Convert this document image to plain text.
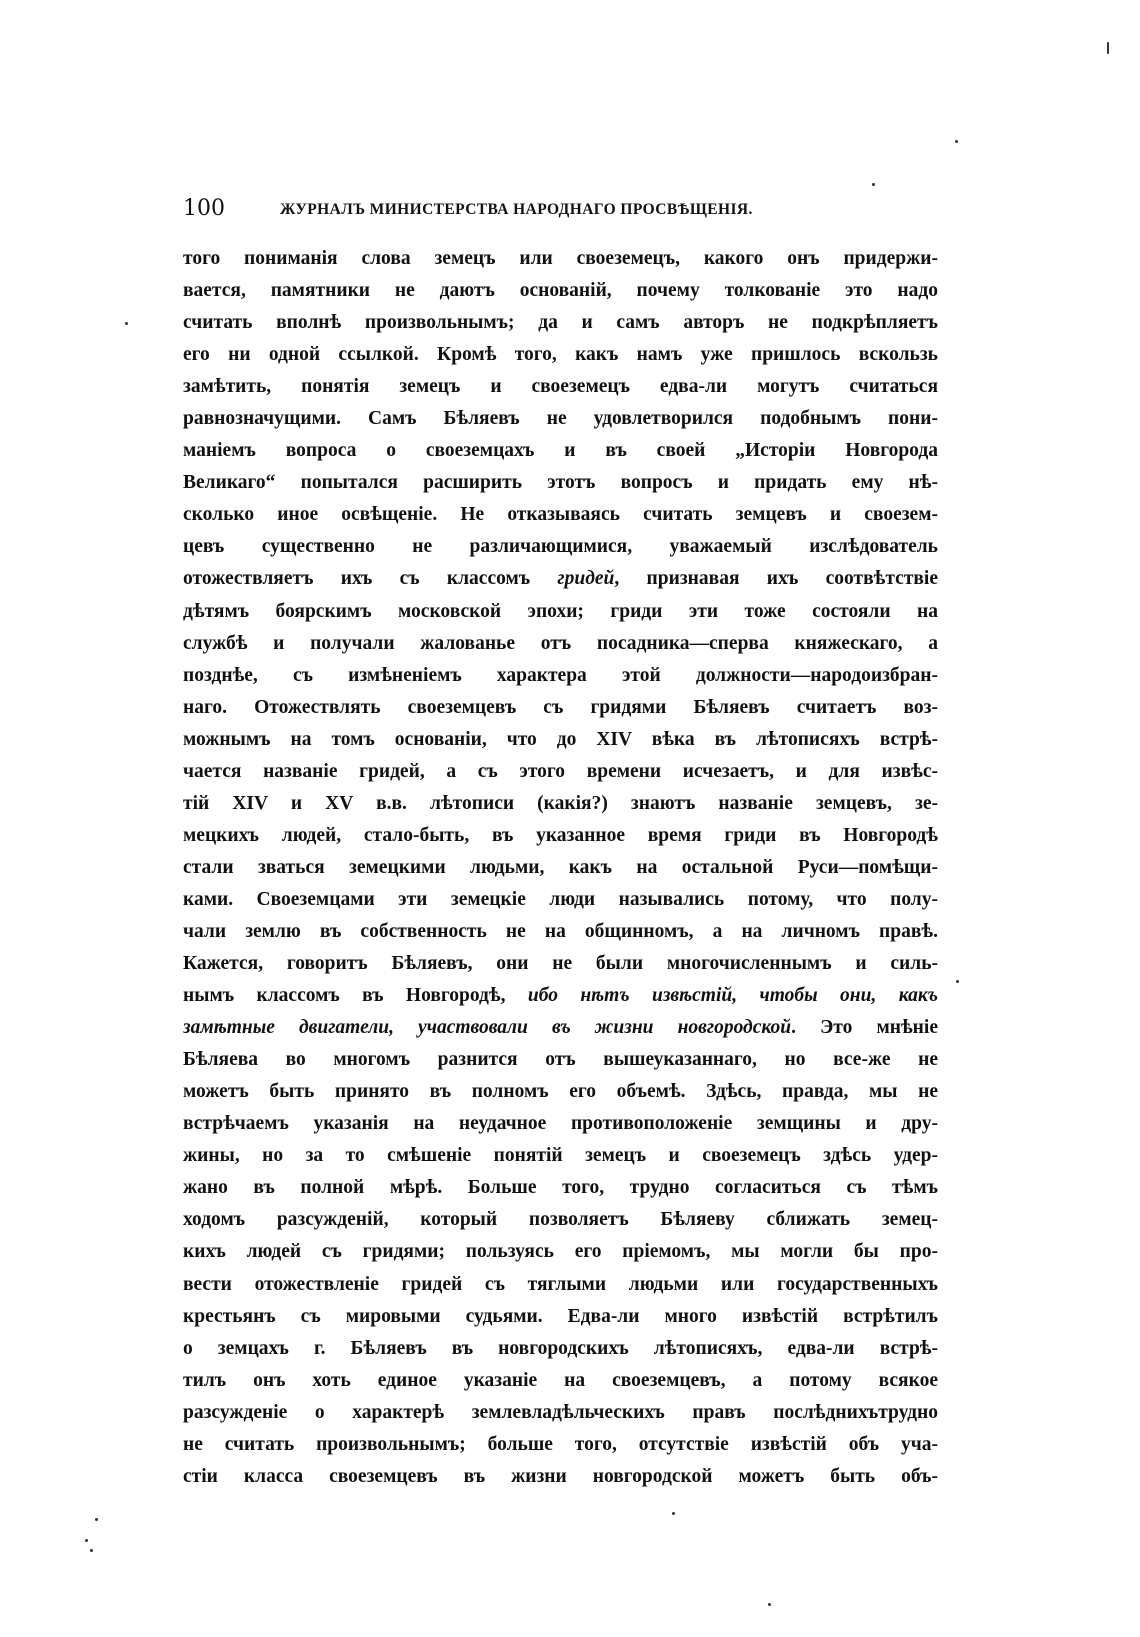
100	ЖУРНАЛЪ МИНИСТЕРСТВА НАРОДНАГО ПРОСВѢЩЕНІЯ.
того пониманія слова земецъ или своеземецъ, какого онъ придержи-
вается, памятники не даютъ основаній, почему толкованіе это надо
считать вполнѣ произвольнымъ; да и самъ авторъ не подкрѣпляетъ
его ни одной ссылкой. Кромѣ того, какъ намъ уже пришлось вскользь
замѣтить, понятія земецъ и своеземецъ едва-ли могутъ считаться
равнозначущими. Самъ Бѣляевъ не удовлетворился подобнымъ пони-
маніемъ вопроса о своеземцахъ и въ своей „Исторіи Новгорода
Великаго“ попытался расширить этотъ вопросъ и придать ему нѣ-
сколько иное освѣщеніе. Не отказываясь считать земцевъ и своезем-
цевъ существенно не различающимися, уважаемый изслѣдователь
отожествляетъ ихъ съ классомъ гридей, признавая ихъ соотвѣтствіе
дѣтямъ боярскимъ московской эпохи; гриди эти тоже состояли на
службѣ и получали жалованье отъ посадника—сперва княжескаго, а
позднѣе, съ измѣненіемъ характера этой должности—народоизбран-
наго. Отожествлять своеземцевъ съ гридями Бѣляевъ считаетъ воз-
можнымъ на томъ основаніи, что до XIV вѣка въ лѣтописяхъ встрѣ-
чается названіе гридей, а съ этого времени исчезаетъ, и для извѣс-
тій XIV и XV в.в. лѣтописи (какія?) знаютъ названіе земцевъ, зе-
мецкихъ людей, стало-быть, въ указанное время гриди въ Новгородѣ
стали зваться земецкими людьми, какъ на остальной Руси—помѣщи-
ками. Своеземцами эти земецкіе люди назывались потому, что полу-
чали землю въ собственность не на общинномъ, а на личномъ правѣ.
Кажется, говоритъ Бѣляевъ, они не были многочисленнымъ и силь-
нымъ классомъ въ Новгородѣ, ибо нѣтъ извѣстій, чтобы они, какъ
замѣтные двигатели, участвовали въ жизни новгородской. Это мнѣніе
Бѣляева во многомъ разнится отъ вышеуказаннаго, но все-же не
можетъ быть принято въ полномъ его объемѣ. Здѣсь, правда, мы не
встрѣчаемъ указанія на неудачное противоположеніе земщины и дру-
жины, но за то смѣшеніе понятій земецъ и своеземецъ здѣсь удер-
жано въ полной мѣрѣ. Больше того, трудно согласиться съ тѣмъ
ходомъ разсужденій, который позволяетъ Бѣляеву сближать земец-
кихъ людей съ гридями; пользуясь его пріемомъ, мы могли бы про-
вести отожествленіе гридей съ тяглыми людьми или государственныхъ
крестьянъ съ мировыми судьями. Едва-ли много извѣстій встрѣтилъ
о земцахъ г. Бѣляевъ въ новгородскихъ лѣтописяхъ, едва-ли встрѣ-
тилъ онъ хоть единое указаніе на своеземцевъ, а потому всякое
разсужденіе о характерѣ землевладѣльческихъ правъ послѣднихътрудно
не считать произвольнымъ; больше того, отсутствіе извѣстій объ уча-
стіи класса своеземцевъ въ жизни новгородской можетъ быть объ-
